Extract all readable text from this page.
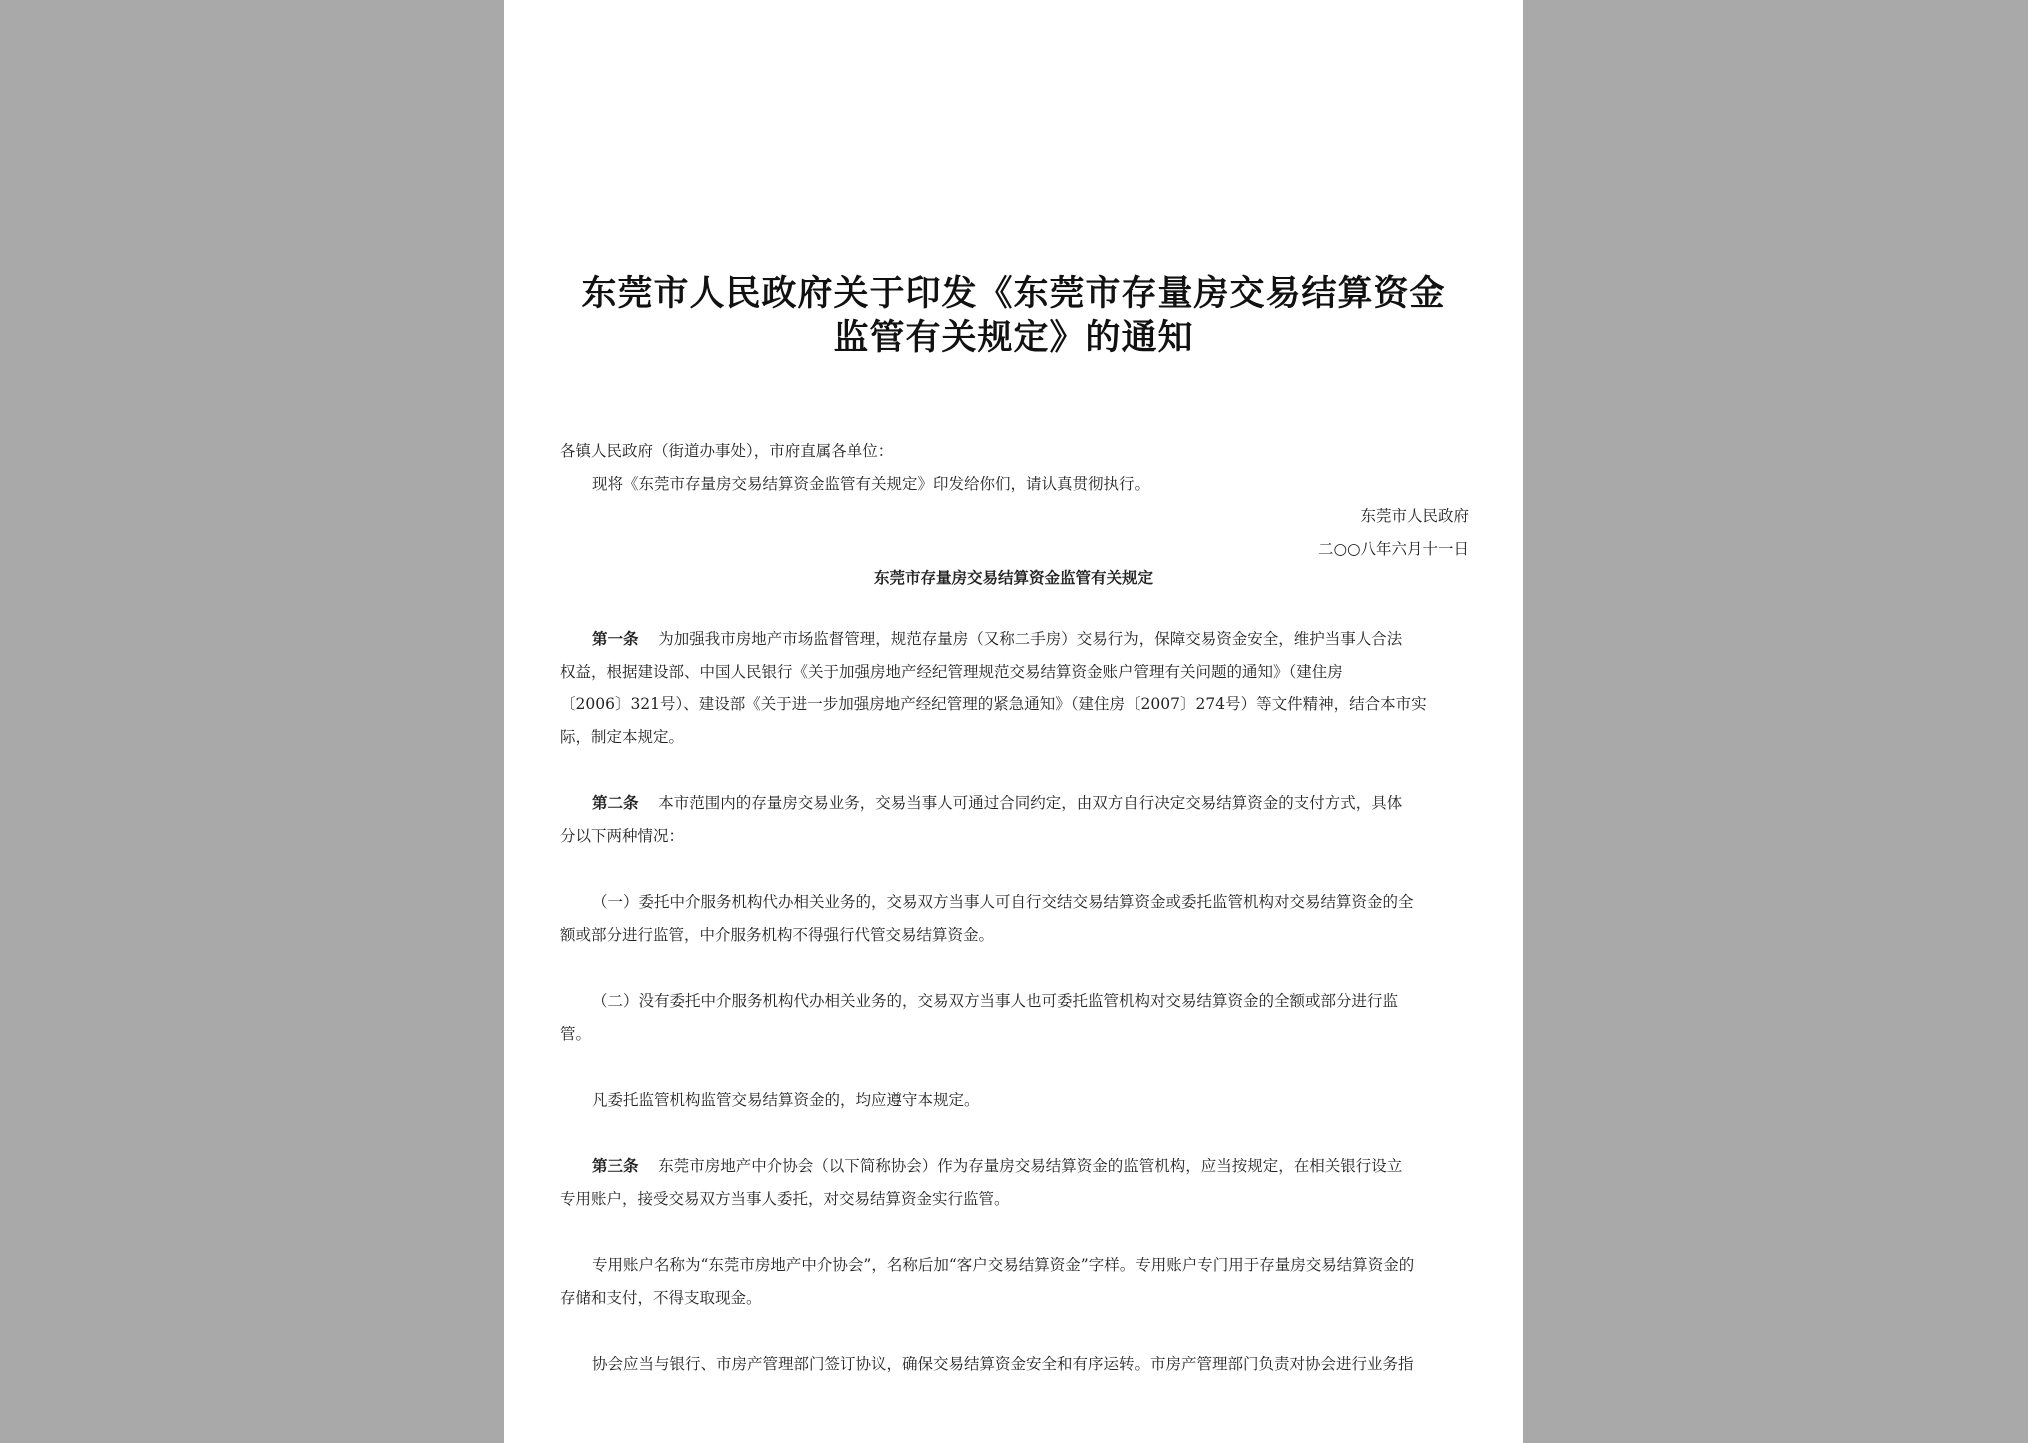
东莞市人民政府关于印发《东莞市存量房交易结算资金
监管有关规定》的通知
各镇人民政府（街道办事处），市府直属各单位：
现将《东莞市存量房交易结算资金监管有关规定》印发给你们，请认真贯彻执行。
东莞市人民政府
二○○八年六月十一日
东莞市存量房交易结算资金监管有关规定
第一条 为加强我市房地产市场监督管理，规范存量房（又称二手房）交易行为，保障交易资金安全，维护当事人合法
权益，根据建设部、中国人民银行《关于加强房地产经纪管理规范交易结算资金账户管理有关问题的通知》（建住房
〔2006〕321号）、建设部《关于进一步加强房地产经纪管理的紧急通知》（建住房〔2007〕274号）等文件精神，结合本市实
际，制定本规定。
第二条 本市范围内的存量房交易业务，交易当事人可通过合同约定，由双方自行决定交易结算资金的支付方式，具体
分以下两种情况：
（一）委托中介服务机构代办相关业务的，交易双方当事人可自行交结交易结算资金或委托监管机构对交易结算资金的全
额或部分进行监管，中介服务机构不得强行代管交易结算资金。
（二）没有委托中介服务机构代办相关业务的，交易双方当事人也可委托监管机构对交易结算资金的全额或部分进行监
管。
凡委托监管机构监管交易结算资金的，均应遵守本规定。
第三条 东莞市房地产中介协会（以下简称协会）作为存量房交易结算资金的监管机构，应当按规定，在相关银行设立
专用账户，接受交易双方当事人委托，对交易结算资金实行监管。
专用账户名称为“东莞市房地产中介协会”，名称后加“客户交易结算资金”字样。专用账户专门用于存量房交易结算资金的
存储和支付，不得支取现金。
协会应当与银行、市房产管理部门签订协议，确保交易结算资金安全和有序运转。市房产管理部门负责对协会进行业务指
